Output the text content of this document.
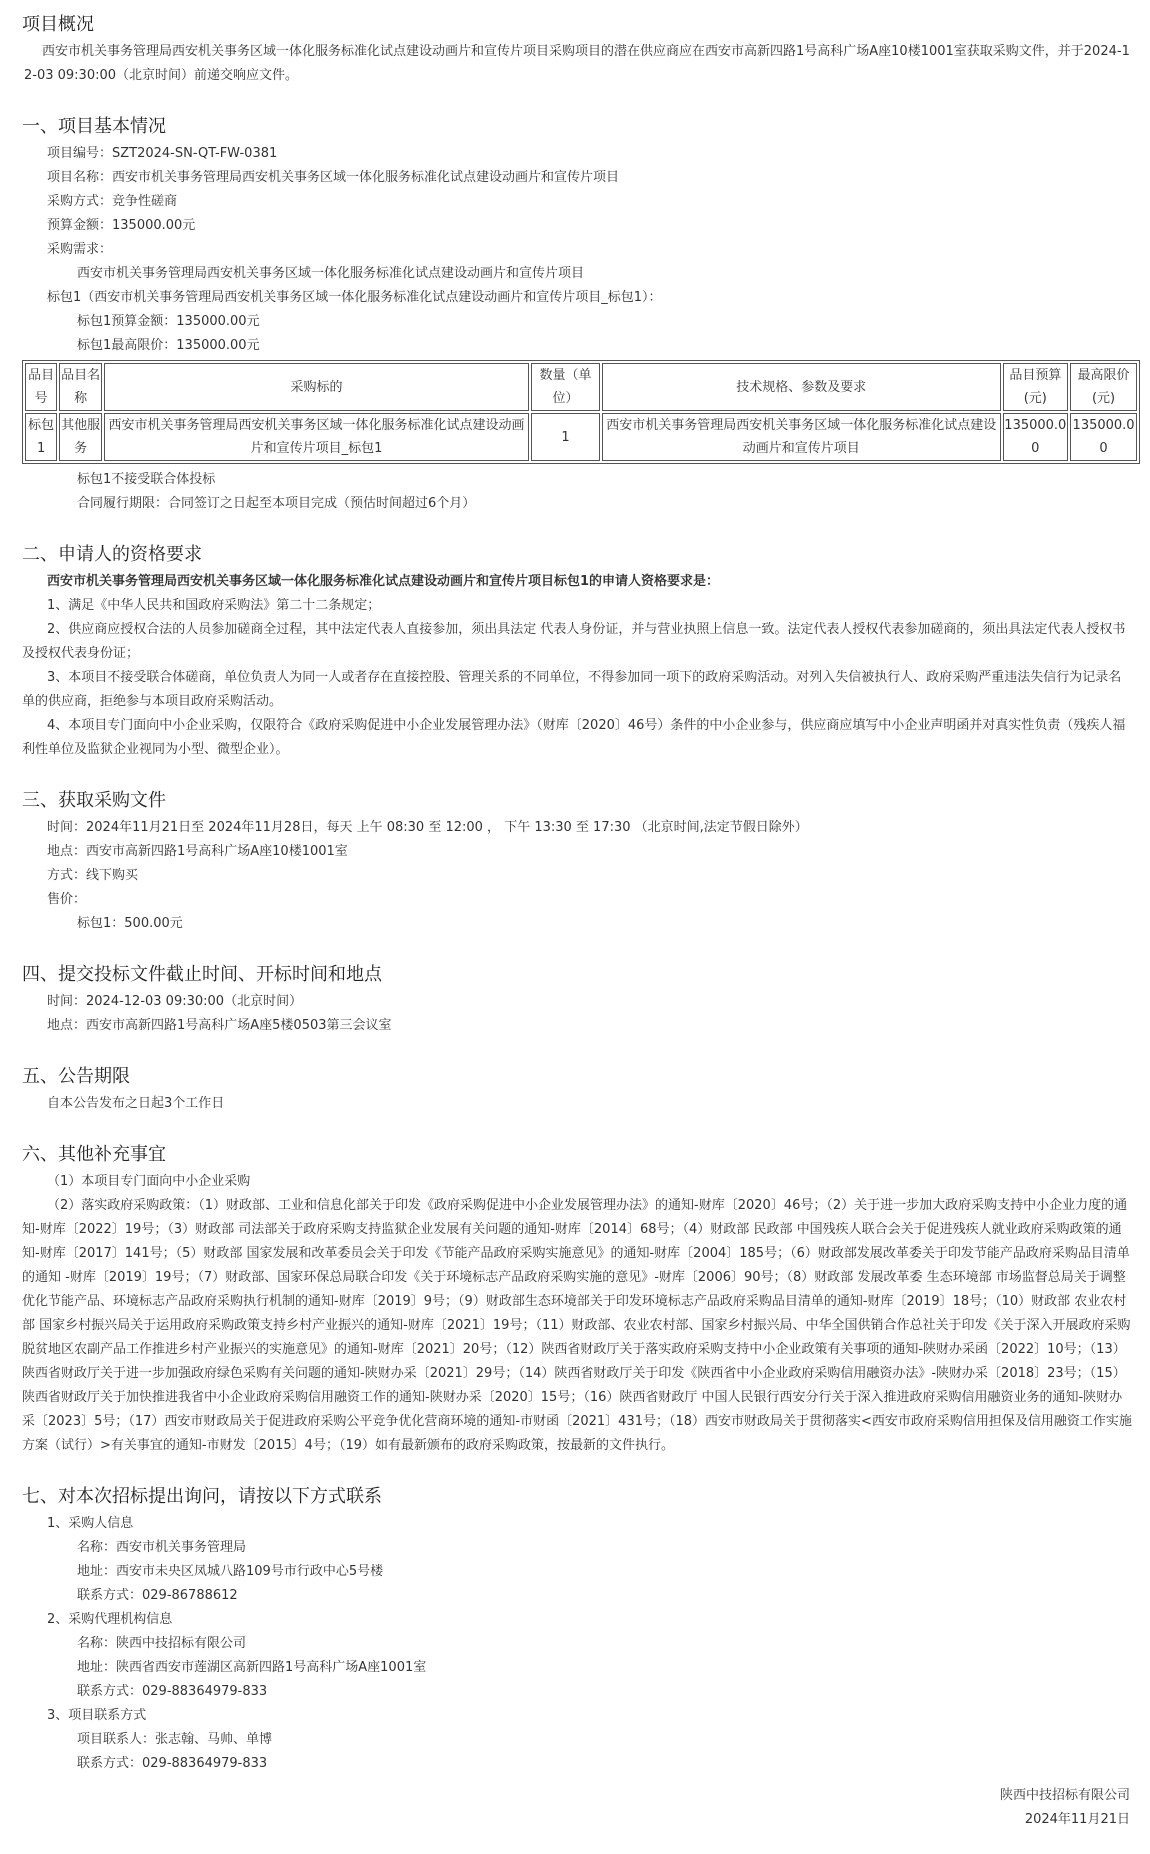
项目概况
西安市机关事务管理局西安机关事务区域一体化服务标准化试点建设动画片和宣传片项目采购项目的潜在供应商应在西安市高新四路1号高科广场A座10楼1001室获取采购文件，并于2024-12-03 09:30:00（北京时间）前递交响应文件。
一、项目基本情况
项目编号：SZT2024-SN-QT-FW-0381
项目名称：西安市机关事务管理局西安机关事务区域一体化服务标准化试点建设动画片和宣传片项目
采购方式：竞争性磋商
预算金额：135000.00元
采购需求：
西安市机关事务管理局西安机关事务区域一体化服务标准化试点建设动画片和宣传片项目
标包1（西安市机关事务管理局西安机关事务区域一体化服务标准化试点建设动画片和宣传片项目_标包1）：
标包1预算金额：135000.00元
标包1最高限价：135000.00元
品目号	品目名称	采购标的	数量（单位）	技术规格、参数及要求	品目预算(元)	最高限价(元)
标包1	其他服务	西安市机关事务管理局西安机关事务区域一体化服务标准化试点建设动画片和宣传片项目_标包1	1	西安市机关事务管理局西安机关事务区域一体化服务标准化试点建设动画片和宣传片项目	135000.00	135000.00
标包1不接受联合体投标
合同履行期限：合同签订之日起至本项目完成（预估时间超过6个月）
二、申请人的资格要求
西安市机关事务管理局西安机关事务区域一体化服务标准化试点建设动画片和宣传片项目标包1的申请人资格要求是：
1、满足《中华人民共和国政府采购法》第二十二条规定；
2、供应商应授权合法的人员参加磋商全过程，其中法定代表人直接参加，须出具法定 代表人身份证，并与营业执照上信息一致。法定代表人授权代表参加磋商的，须出具法定代表人授权书及授权代表身份证；
3、本项目不接受联合体磋商，单位负责人为同一人或者存在直接控股、管理关系的不同单位，不得参加同一项下的政府采购活动。对列入失信被执行人、政府采购严重违法失信行为记录名单的供应商，拒绝参与本项目政府采购活动。
4、本项目专门面向中小企业采购，仅限符合《政府采购促进中小企业发展管理办法》（财库〔2020〕46号）条件的中小企业参与，供应商应填写中小企业声明函并对真实性负责（残疾人福利性单位及监狱企业视同为小型、微型企业）。
三、获取采购文件
时间：2024年11月21日至 2024年11月28日，每天 上午 08:30 至 12:00 ， 下午 13:30 至 17:30 （北京时间,法定节假日除外）
地点：西安市高新四路1号高科广场A座10楼1001室
方式：线下购买
售价：
标包1：500.00元
四、提交投标文件截止时间、开标时间和地点
时间：2024-12-03 09:30:00（北京时间）
地点：西安市高新四路1号高科广场A座5楼0503第三会议室
五、公告期限
自本公告发布之日起3个工作日
六、其他补充事宜
（1）本项目专门面向中小企业采购
（2）落实政府采购政策：（1）财政部、工业和信息化部关于印发《政府采购促进中小企业发展管理办法》的通知-财库〔2020〕46号；（2）关于进一步加大政府采购支持中小企业力度的通知-财库〔2022〕19号；（3）财政部 司法部关于政府采购支持监狱企业发展有关问题的通知-财库〔2014〕68号；（4）财政部 民政部 中国残疾人联合会关于促进残疾人就业政府采购政策的通知-财库〔2017〕141号；（5）财政部 国家发展和改革委员会关于印发《节能产品政府采购实施意见》的通知-财库〔2004〕185号；（6）财政部发展改革委关于印发节能产品政府采购品目清单的通知 -财库〔2019〕19号；（7）财政部、国家环保总局联合印发《关于环境标志产品政府采购实施的意见》-财库〔2006〕90号；（8）财政部 发展改革委 生态环境部 市场监督总局关于调整优化节能产品、环境标志产品政府采购执行机制的通知-财库〔2019〕9号；（9）财政部生态环境部关于印发环境标志产品政府采购品目清单的通知-财库〔2019〕18号；（10）财政部 农业农村部 国家乡村振兴局关于运用政府采购政策支持乡村产业振兴的通知-财库〔2021〕19号；（11）财政部、农业农村部、国家乡村振兴局、中华全国供销合作总社关于印发《关于深入开展政府采购脱贫地区农副产品工作推进乡村产业振兴的实施意见》的通知-财库〔2021〕20号；（12）陕西省财政厅关于落实政府采购支持中小企业政策有关事项的通知-陕财办采函〔2022〕10号；（13）陕西省财政厅关于进一步加强政府绿色采购有关问题的通知-陕财办采〔2021〕29号；（14）陕西省财政厅关于印发《陕西省中小企业政府采购信用融资办法》-陕财办采〔2018〕23号；（15）陕西省财政厅关于加快推进我省中小企业政府采购信用融资工作的通知-陕财办采〔2020〕15号；（16）陕西省财政厅 中国人民银行西安分行关于深入推进政府采购信用融资业务的通知-陕财办采〔2023〕5号；（17）西安市财政局关于促进政府采购公平竞争优化营商环境的通知-市财函〔2021〕431号；（18）西安市财政局关于贯彻落实<西安市政府采购信用担保及信用融资工作实施方案（试行）>有关事宜的通知-市财发〔2015〕4号；（19）如有最新颁布的政府采购政策，按最新的文件执行。
七、对本次招标提出询问，请按以下方式联系
1、采购人信息
名称：西安市机关事务管理局
地址：西安市未央区凤城八路109号市行政中心5号楼
联系方式：029-86788612
2、采购代理机构信息
名称：陕西中技招标有限公司
地址：陕西省西安市莲湖区高新四路1号高科广场A座1001室
联系方式：029-88364979-833
3、项目联系方式
项目联系人：张志翰、马帅、单博
联系方式：029-88364979-833
陕西中技招标有限公司
2024年11月21日
